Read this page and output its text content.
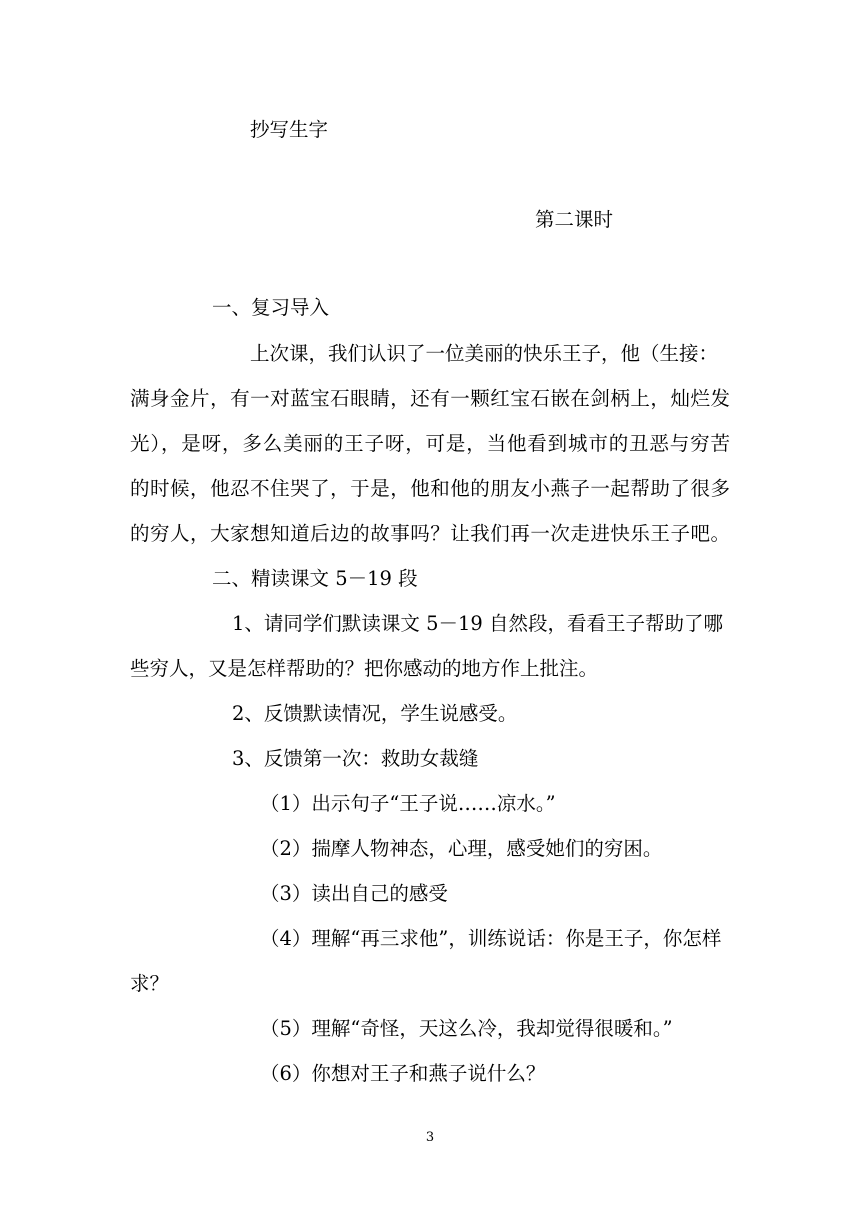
抄写生字

第二课时

一、复习导入

上次课，我们认识了一位美丽的快乐王子，他（生接：

满身金片，有一对蓝宝石眼睛，还有一颗红宝石嵌在剑柄上，灿烂发

光），是呀，多么美丽的王子呀，可是，当他看到城市的丑恶与穷苦

的时候，他忍不住哭了，于是，他和他的朋友小燕子一起帮助了很多

的穷人，大家想知道后边的故事吗？让我们再一次走进快乐王子吧。

二、精读课文 5－19 段

1、请同学们默读课文 5－19 自然段，看看王子帮助了哪

些穷人，又是怎样帮助的？把你感动的地方作上批注。

2、反馈默读情况，学生说感受。

3、反馈第一次：救助女裁缝

（1）出示句子“王子说……凉水。”

（2）揣摩人物神态，心理，感受她们的穷困。

（3）读出自己的感受

（4）理解“再三求他”，训练说话：你是王子，你怎样

求？

（5）理解“奇怪，天这么冷，我却觉得很暖和。”

（6）你想对王子和燕子说什么？

3
